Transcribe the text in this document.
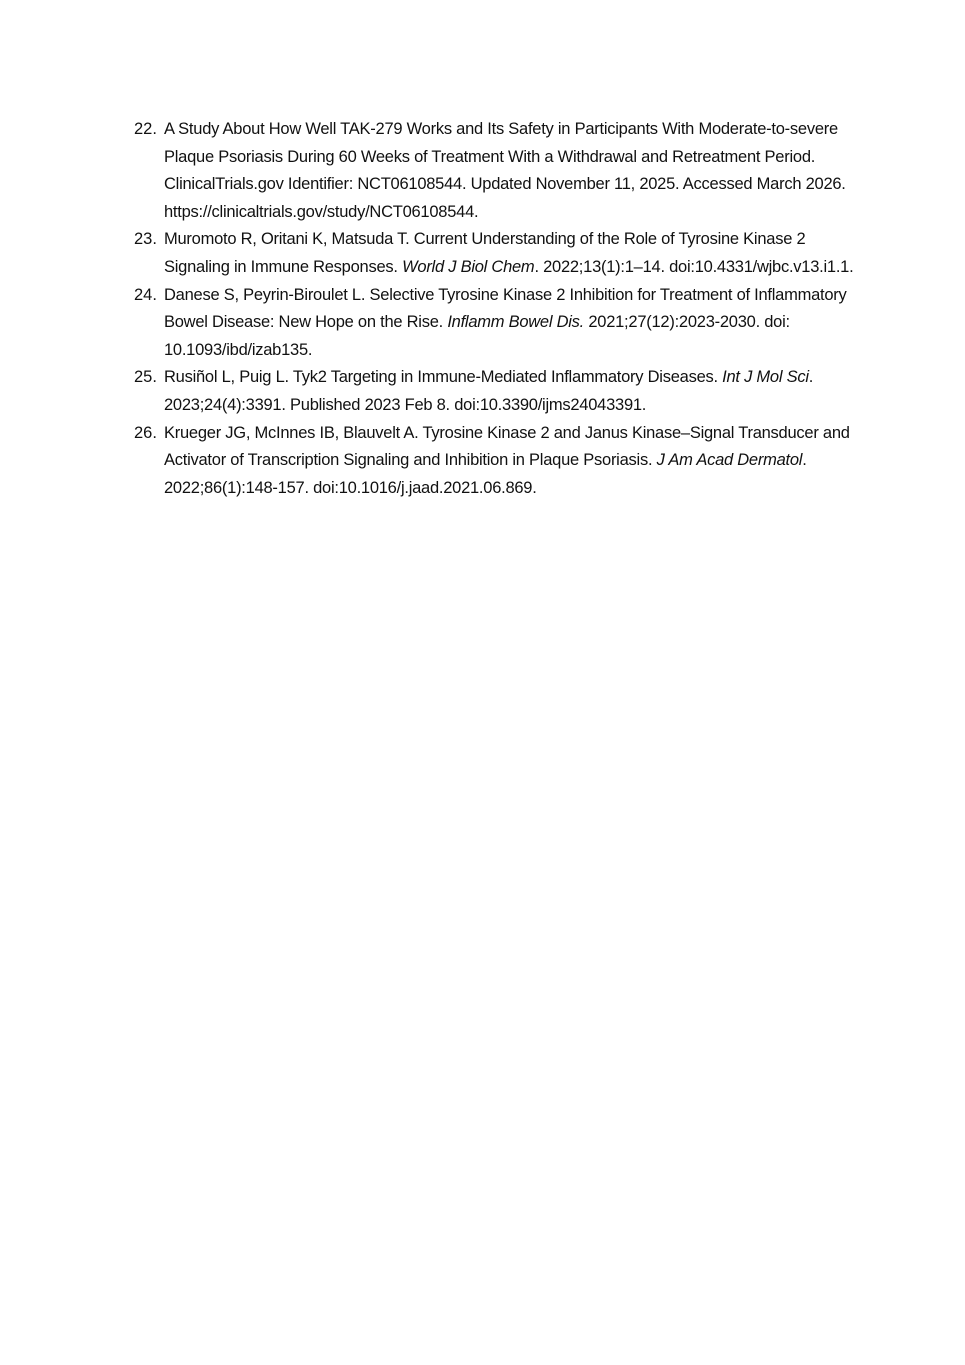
22. A Study About How Well TAK-279 Works and Its Safety in Participants With Moderate-to-severe Plaque Psoriasis During 60 Weeks of Treatment With a Withdrawal and Retreatment Period. ClinicalTrials.gov Identifier: NCT06108544. Updated November 11, 2025. Accessed March 2026. https://clinicaltrials.gov/study/NCT06108544.
23. Muromoto R, Oritani K, Matsuda T. Current Understanding of the Role of Tyrosine Kinase 2 Signaling in Immune Responses. World J Biol Chem. 2022;13(1):1–14. doi:10.4331/wjbc.v13.i1.1.
24. Danese S, Peyrin-Biroulet L. Selective Tyrosine Kinase 2 Inhibition for Treatment of Inflammatory Bowel Disease: New Hope on the Rise. Inflamm Bowel Dis. 2021;27(12):2023-2030. doi: 10.1093/ibd/izab135.
25. Rusiñol L, Puig L. Tyk2 Targeting in Immune-Mediated Inflammatory Diseases. Int J Mol Sci. 2023;24(4):3391. Published 2023 Feb 8. doi:10.3390/ijms24043391.
26. Krueger JG, McInnes IB, Blauvelt A. Tyrosine Kinase 2 and Janus Kinase–Signal Transducer and Activator of Transcription Signaling and Inhibition in Plaque Psoriasis. J Am Acad Dermatol. 2022;86(1):148-157. doi:10.1016/j.jaad.2021.06.869.
